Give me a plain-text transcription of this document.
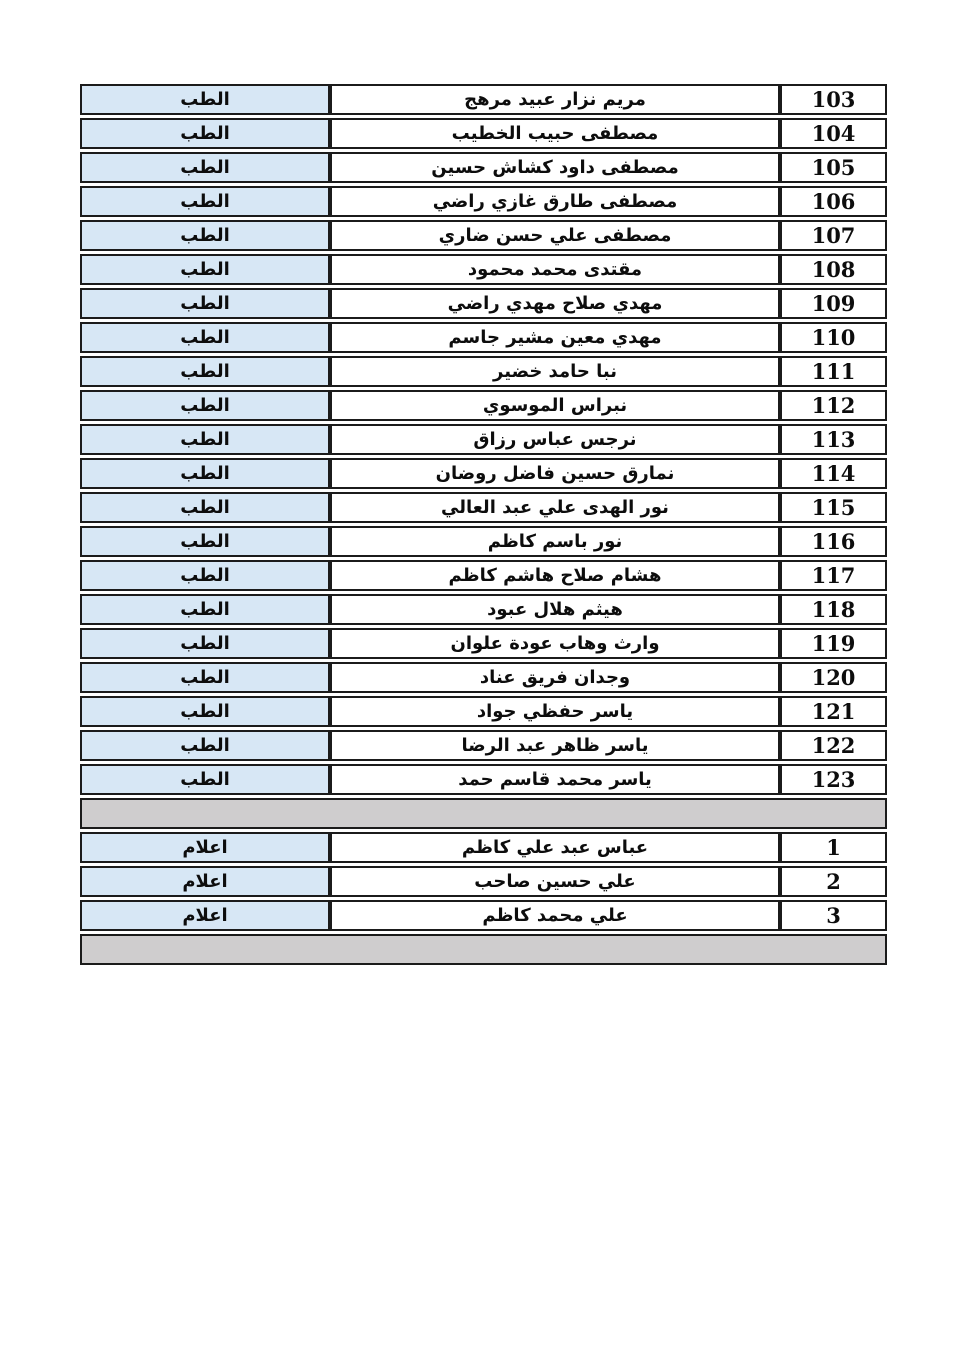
103	مريم نزار عبيد مرهج	الطب
104	مصطفى حبيب الخطيب	الطب
105	مصطفى داود كشاش حسين	الطب
106	مصطفى طارق غازي راضي	الطب
107	مصطفى علي حسن ضاري	الطب
108	مقتدى محمد محمود	الطب
109	مهدي صلاح مهدي راضي	الطب
110	مهدي معين مشير جاسم	الطب
111	نبا حامد خضير	الطب
112	نبراس الموسوي	الطب
113	نرجس عباس رزاق	الطب
114	نمارق حسين فاضل روضان	الطب
115	نور الهدى علي عبد العالي	الطب
116	نور باسم كاظم	الطب
117	هشام صلاح هاشم كاظم	الطب
118	هيثم هلال عبود	الطب
119	وارث وهاب عودة علوان	الطب
120	وجدان فريق عناد	الطب
121	ياسر حفظي جواد	الطب
122	ياسر ظاهر عبد الرضا	الطب
123	ياسر محمد قاسم حمد	الطب

1	عباس عبد علي كاظم	اعلام
2	علي حسين صاحب	اعلام
3	علي محمد كاظم	اعلام
